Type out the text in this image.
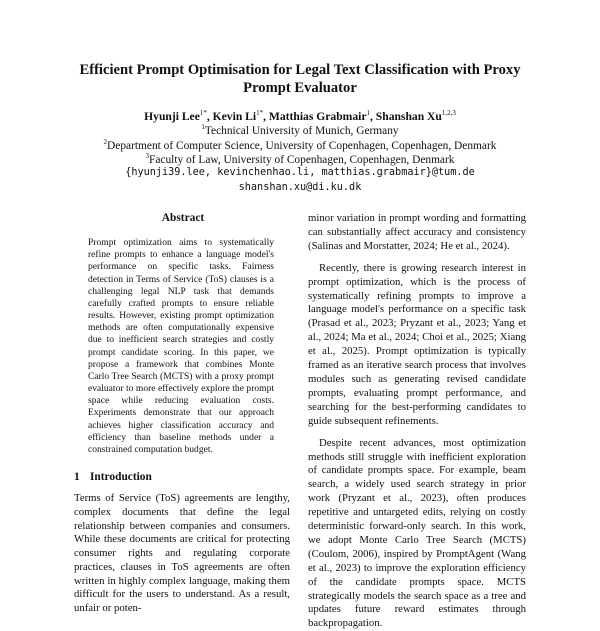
Efficient Prompt Optimisation for Legal Text Classification with Proxy
Prompt Evaluator
Hyunji Lee$^{1*}$, Kevin $Li^{1*}$, Matthias Grabmair$^1$, Shanshan Xu$^{1,2,3}$
$^1$Technical University of Munich, Germany
$^2$Department of Computer Science, University of Copenhagen, Copenhagen, Denmark
$^3$Faculty of Law, University of Copenhagen, Copenhagen, Denmark
{hyunji39.lee, kevinchenhao.li, matthias.grabmair}@tum.de
shanshan.xu@di.ku.dk
Abstract

Prompt optimization aims to systematically refine prompts to enhance a language model's performance on specific tasks. Fairness detection in Terms of Service (ToS) clauses is a challenging legal NLP task that demands carefully crafted prompts to ensure reliable results. However, existing prompt optimization methods are often computationally expensive due to inefficient search strategies and costly prompt candidate scoring. In this paper, we propose a framework that combines Monte Carlo Tree Search (MCTS) with a proxy prompt evaluator to more effectively explore the prompt space while reducing evaluation costs. Experiments demonstrate that our approach achieves higher classification accuracy and efficiency than baseline methods under a constrained computation budget.

1 Introduction

Terms of Service (ToS) agreements are lengthy, complex documents that define the legal relationship between companies and consumers. While these documents are critical for protecting consumer rights and regulating corporate practices, clauses in ToS agreements are often written in highly complex language, making them difficult for the users to understand. As a result, unfair or poten-

minor variation in prompt wording and formatting can substantially affect accuracy and consistency (Salinas and Morstatter, 2024; He et al., 2024).

Recently, there is growing research interest in prompt optimization, which is the process of systematically refining prompts to improve a language model's performance on a specific task (Prasad et al., 2023; Pryzant et al., 2023; Yang et al., 2024; Ma et al., 2024; Choi et al., 2025; Xiang et al., 2025). Prompt optimization is typically framed as an iterative search process that involves modules such as generating revised candidate prompts, evaluating prompt performance, and searching for the best-performing candidates to guide subsequent refinements.

Despite recent advances, most optimization methods still struggle with inefficient exploration of candidate prompts space. For example, beam search, a widely used search strategy in prior work (Pryzant et al., 2023), often produces repetitive and untargeted edits, relying on costly deterministic forward-only search. In this work, we adopt Monte Carlo Tree Search (MCTS) (Coulom, 2006), inspired by PromptAgent (Wang et al., 2023) to improve the exploration efficiency of the candidate prompts space. MCTS strategically models the search space as a tree and updates future reward estimates through backpropagation.
